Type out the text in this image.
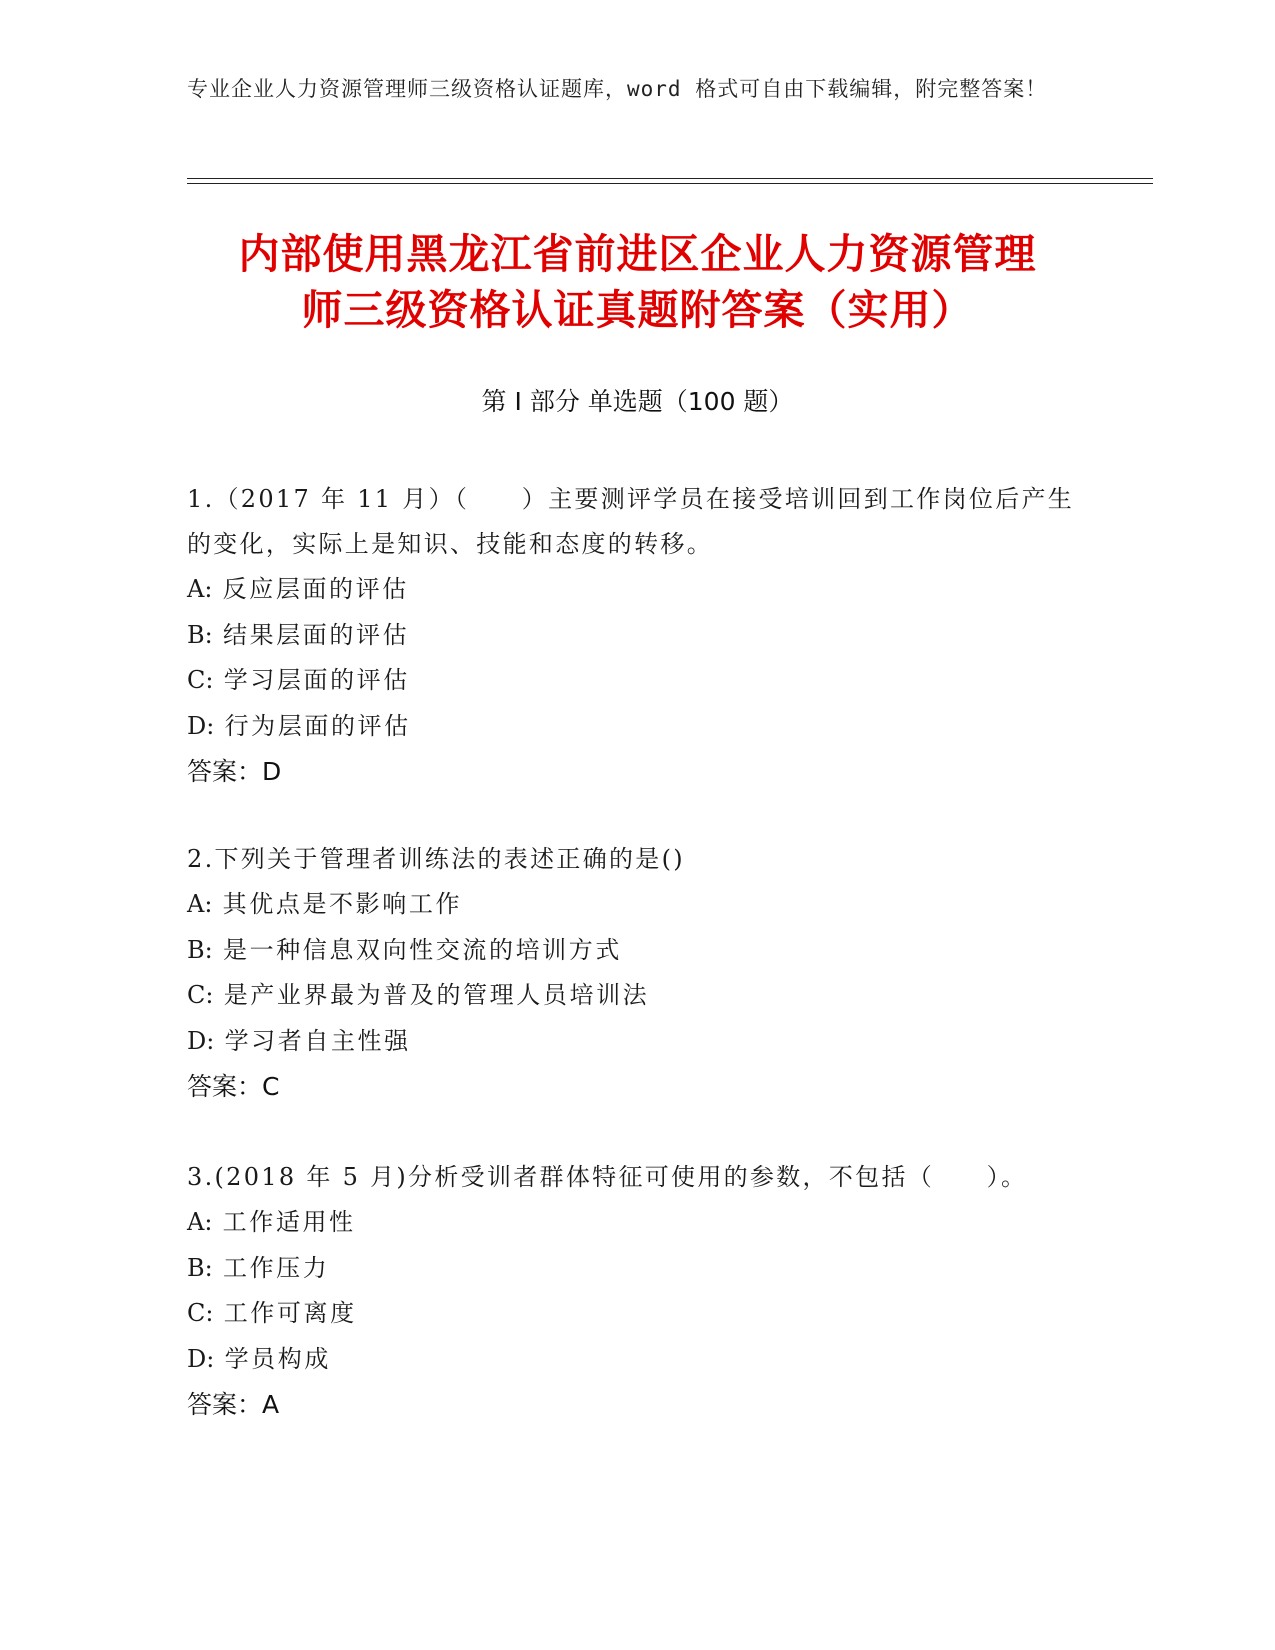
专业企业人力资源管理师三级资格认证题库，word 格式可自由下载编辑，附完整答案！
内部使用黑龙江省前进区企业人力资源管理
师三级资格认证真题附答案（实用）
第 I 部分 单选题（100 题）

1.（2017 年 11 月）（　　）主要测评学员在接受培训回到工作岗位后产生的变化，实际上是知识、技能和态度的转移。

A: 反应层面的评估

B: 结果层面的评估

C: 学习层面的评估

D: 行为层面的评估

答案：D

2.下列关于管理者训练法的表述正确的是()

A: 其优点是不影响工作

B: 是一种信息双向性交流的培训方式

C: 是产业界最为普及的管理人员培训法

D: 学习者自主性强

答案：C

3.(2018 年 5 月)分析受训者群体特征可使用的参数，不包括（　　）。

A: 工作适用性

B: 工作压力

C: 工作可离度

D: 学员构成

答案：A
